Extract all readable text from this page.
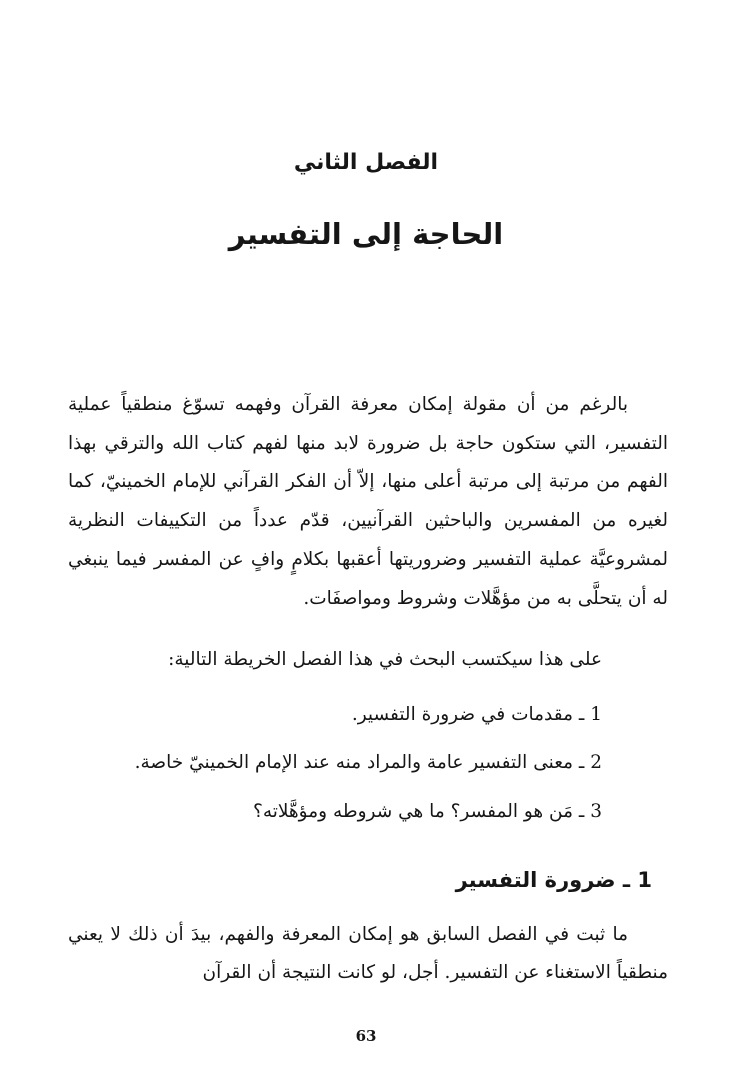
الفصل الثاني
الحاجة إلى التفسير

بالرغم من أن مقولة إمكان معرفة القرآن وفهمه تسوّغ منطقياً عملية التفسير، التي ستكون حاجة بل ضرورة لابد منها لفهم كتاب الله والترقي بهذا الفهم من مرتبة إلى مرتبة أعلى منها، إلاّ أن الفكر القرآني للإمام الخمينيّ، كما لغيره من المفسرين والباحثين القرآنيين، قدّم عدداً من التكييفات النظرية لمشروعيَّة عملية التفسير وضروريتها أعقبها بكلامٍ وافٍ عن المفسر فيما ينبغي له أن يتحلَّى به من مؤهَّلات وشروط ومواصفَات.

على هذا سيكتسب البحث في هذا الفصل الخريطة التالية:
1 ـ مقدمات في ضرورة التفسير.
2 ـ معنى التفسير عامة والمراد منه عند الإمام الخمينيّ خاصة.
3 ـ مَن هو المفسر؟ ما هي شروطه ومؤهَّلاته؟
1 ـ ضرورة التفسير

ما ثبت في الفصل السابق هو إمكان المعرفة والفهم، بيدَ أن ذلك لا يعني منطقياً الاستغناء عن التفسير. أجل، لو كانت النتيجة أن القرآن

63
